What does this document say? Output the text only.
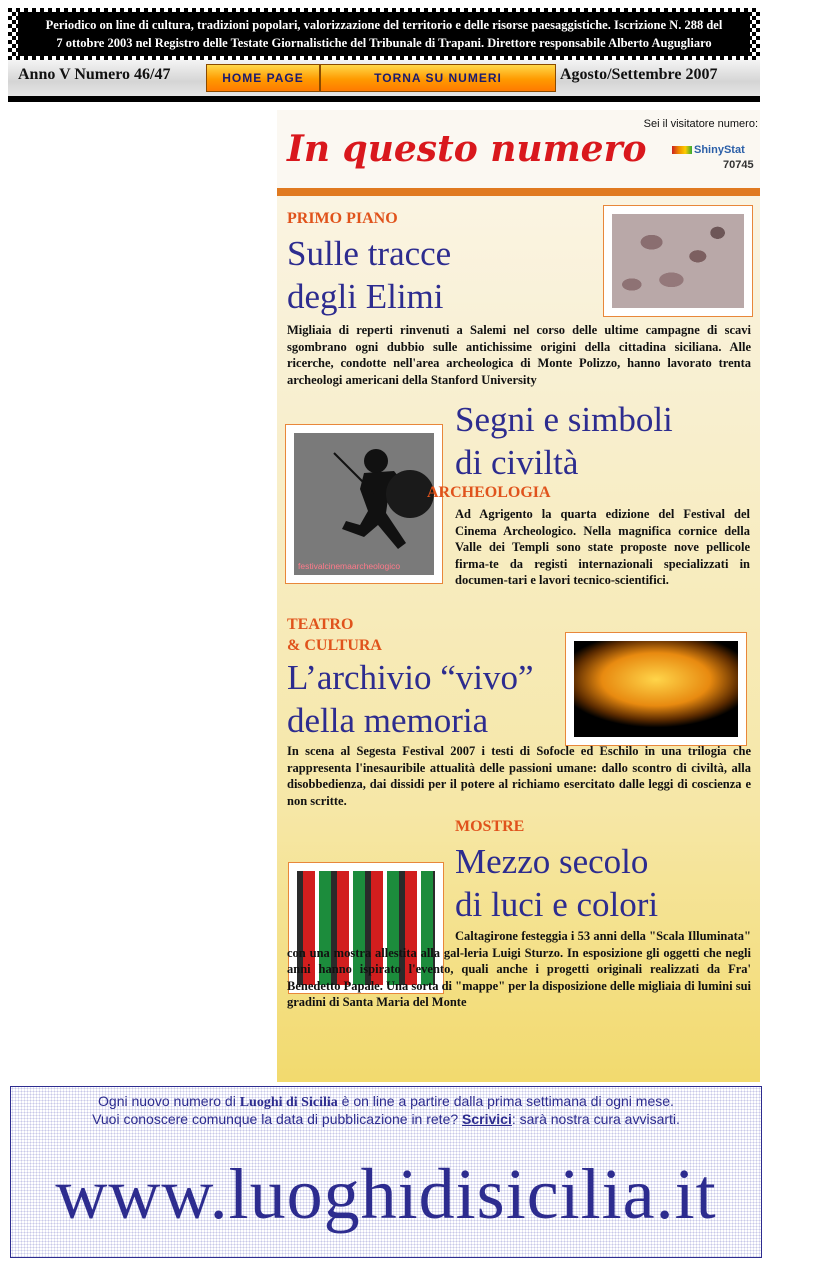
Periodico on line di cultura, tradizioni popolari, valorizzazione del territorio e delle risorse paesaggistiche. Iscrizione N. 288 del
7 ottobre 2003 nel Registro delle Testate Giornalistiche del Tribunale di Trapani. Direttore responsabile Alberto Augugliaro
Anno V Numero 46/47	HOME PAGE	TORNA SU NUMERI	Agosto/Settembre 2007
In questo numero
Sei il visitatore numero:
ShinyStat
70745
PRIMO PIANO
Sulle tracce
degli Elimi
Migliaia di reperti rinvenuti a Salemi nel corso delle ultime campagne di scavi sgombrano ogni dubbio sulle antichissime origini della cittadina siciliana. Alle ricerche, condotte nell'area archeologica di Monte Polizzo, hanno lavorato trenta archeologi americani della Stanford University
festivalcinemaarcheologico
Segni e simboli
di civiltà
ARCHEOLOGIA
Ad Agrigento la quarta edizione del Festival del Cinema Archeologico. Nella magnifica cornice della Valle dei Templi sono state proposte nove pellicole firma-te da registi internazionali specializzati in documen-tari e lavori tecnico-scientifici.
TEATRO
& CULTURA
L’archivio “vivo”
della memoria
In scena al Segesta Festival 2007 i testi di Sofocle ed Eschilo in una trilogia che rappresenta l'inesauribile attualità delle passioni umane: dallo scontro di civiltà, alla disobbedienza, dai dissidi per il potere al richiamo esercitato dalle leggi di coscienza e non scritte.
MOSTRE
Mezzo secolo
di luci e colori
Caltagirone festeggia i 53 anni della "Scala Illuminata" con una mostra allestita alla gal-leria Luigi Sturzo. In esposizione gli oggetti che negli anni hanno ispirato l'evento, quali anche i progetti originali realizzati da Fra' Benedetto Papale. Una sorta di "mappe" per la disposizione delle migliaia di lumini sui gradini di Santa Maria del Monte
Ogni nuovo numero di Luoghi di Sicilia è on line a partire dalla prima settimana di ogni mese.
Vuoi conoscere comunque la data di pubblicazione in rete? Scrivici: sarà nostra cura avvisarti.
www.luoghidisicilia.it
